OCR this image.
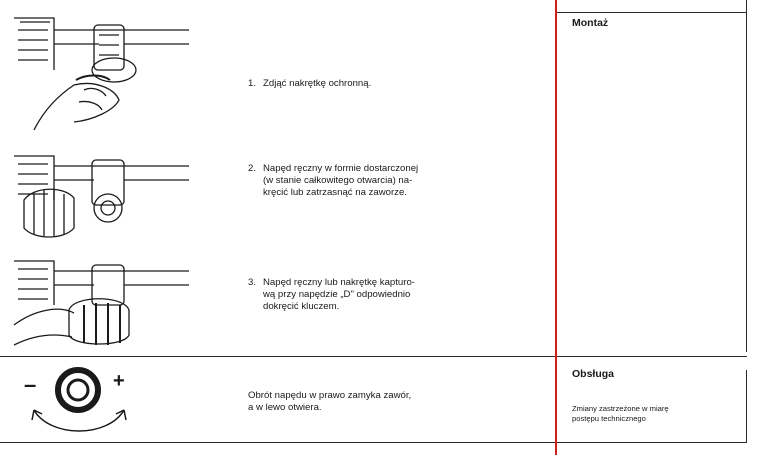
1. Zdjąć nakrętkę ochronną.
2. Napęd ręczny w formie dostarczonej
(w stanie całkowitego otwarcia) na-
kręcić lub zatrzasnąć na zaworze.
3. Napęd ręczny lub nakrętkę kapturo-
wą przy napędzie „D" odpowiednio
dokręcić kluczem.
Montaż
–	+
Obrót napędu w prawo zamyka zawór,
a w lewo otwiera.
Obsługa
Zmiany zastrzeżone w miarę
postępu technicznego
